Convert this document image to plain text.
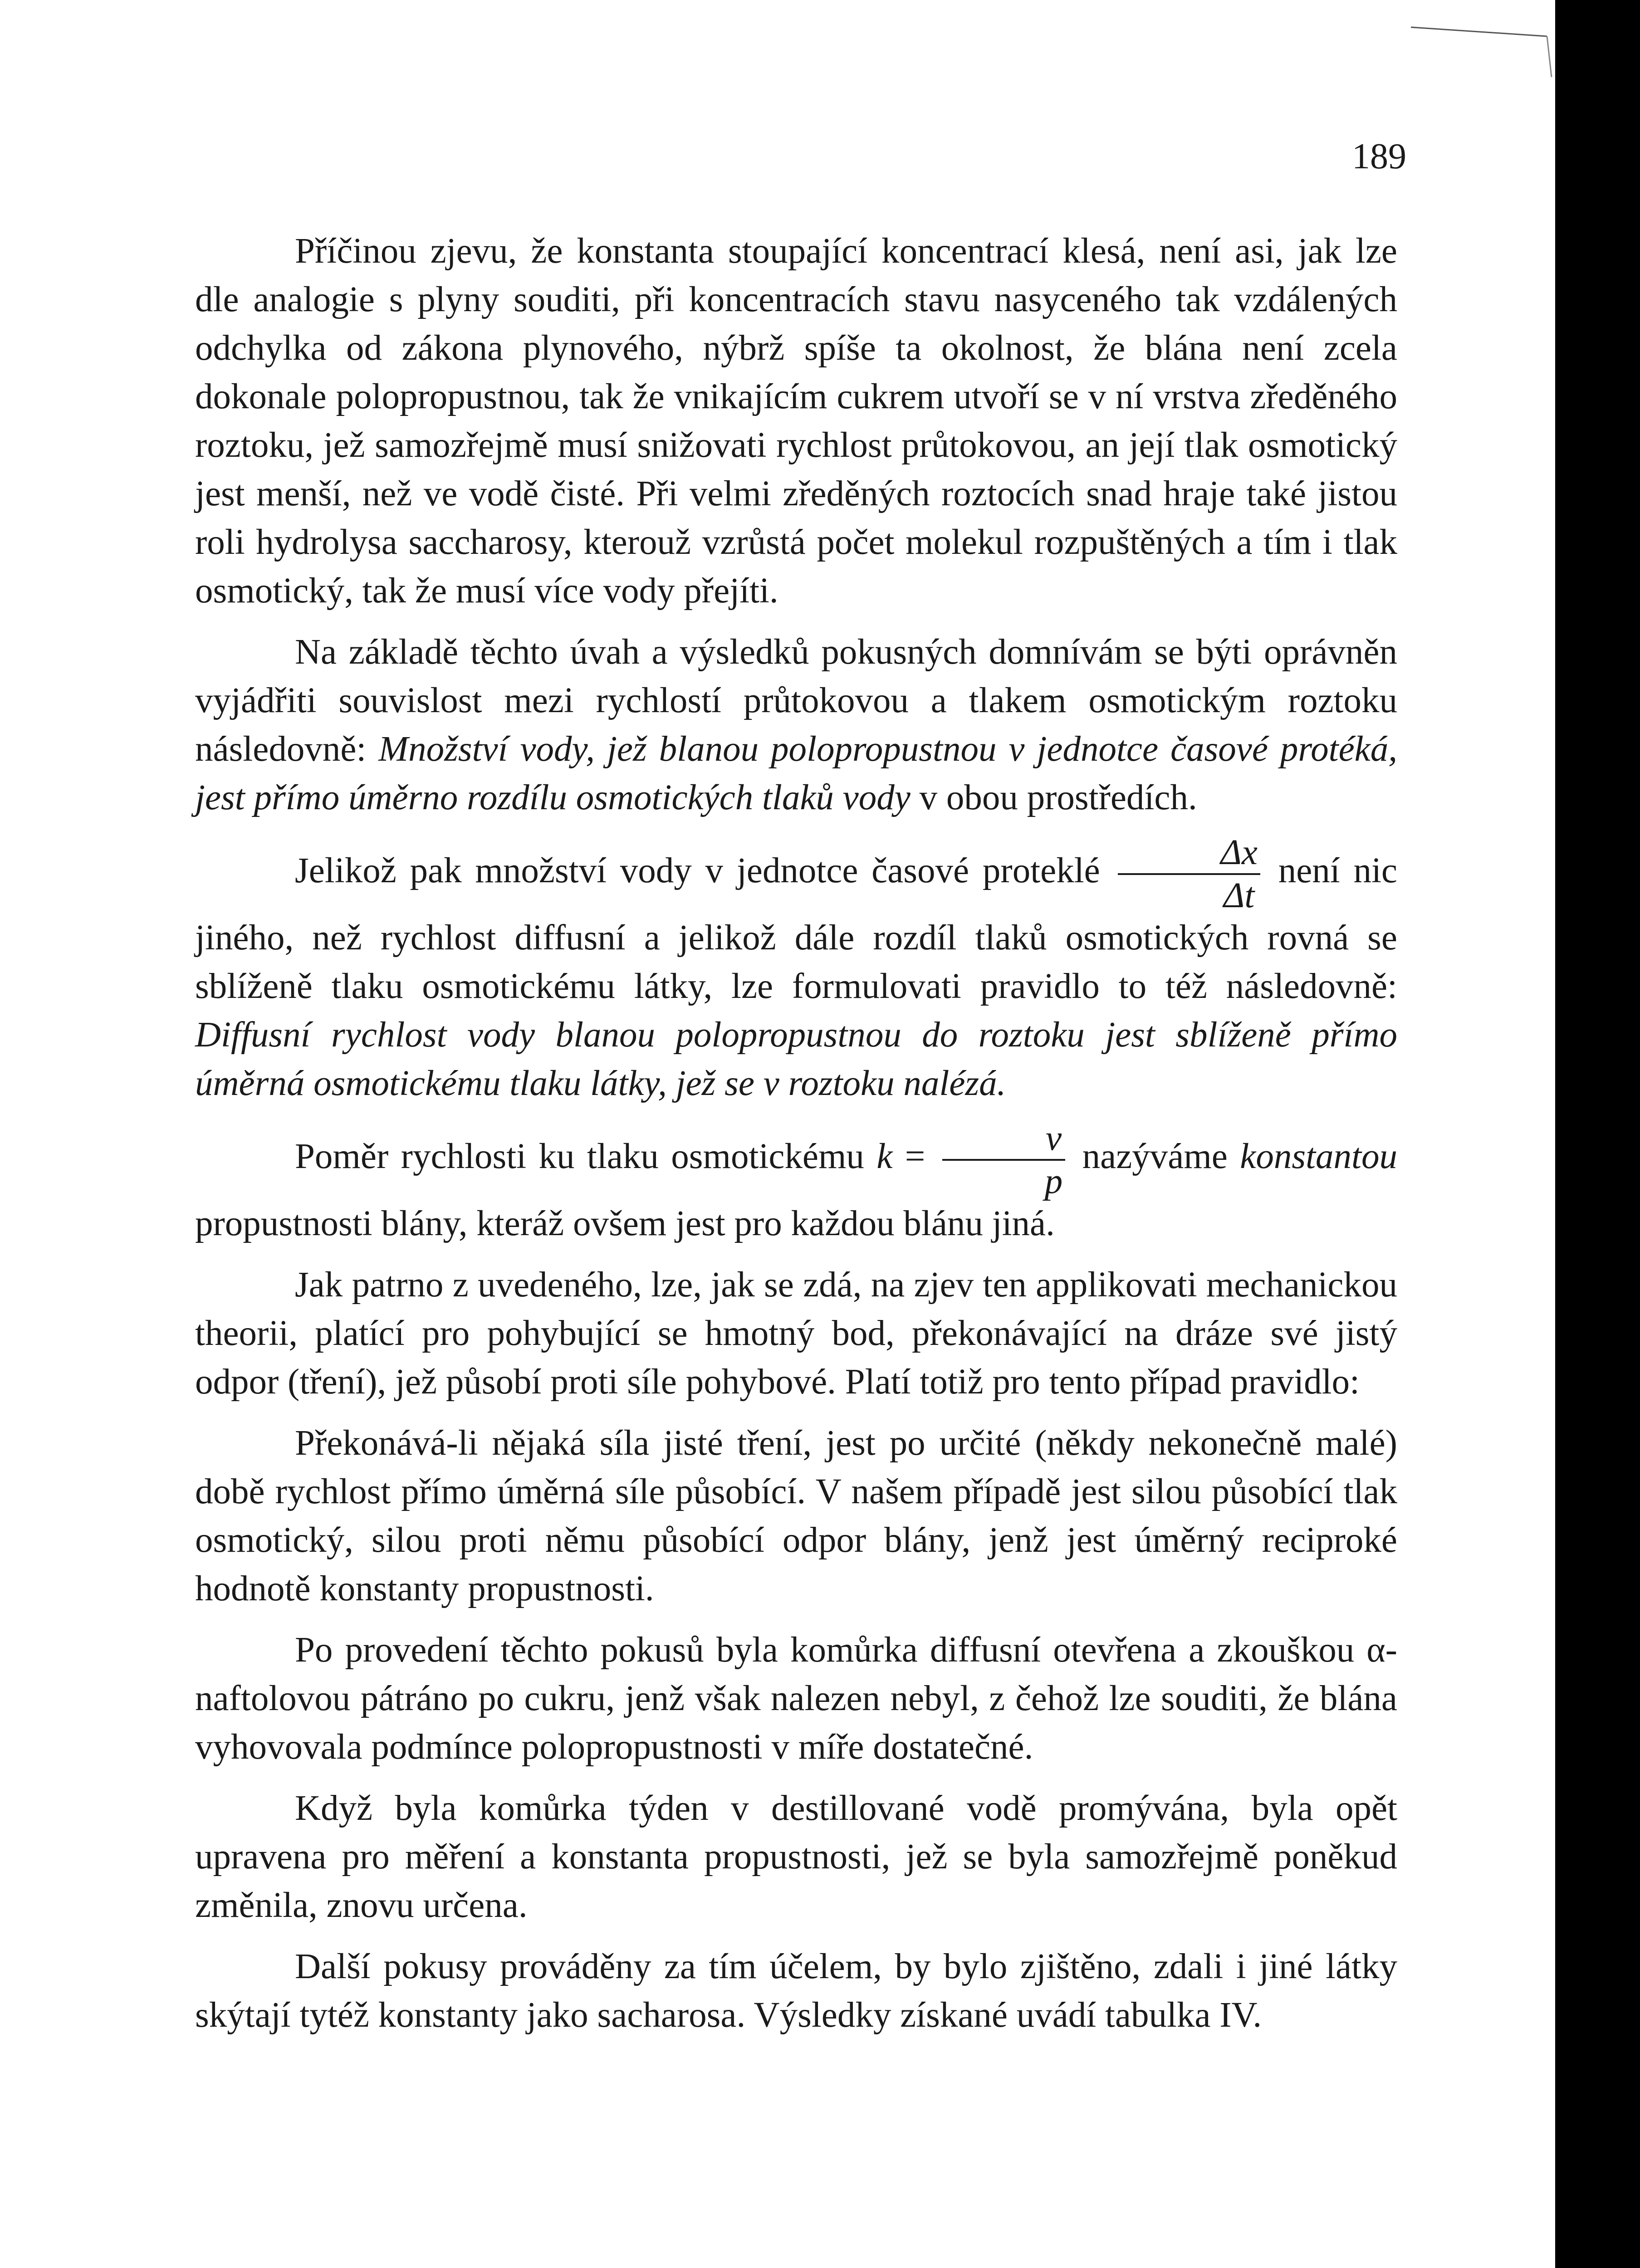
189

Příčinou zjevu, že konstanta stoupající koncentrací klesá, není asi, jak lze dle analogie s plyny souditi, při koncentracích stavu nasyceného tak vzdálených odchylka od zákona plynového, nýbrž spíše ta okolnost, že blána není zcela dokonale polopropustnou, tak že vnikajícím cukrem utvoří se v ní vrstva zředěného roztoku, jež samozřejmě musí snižovati rychlost průtokovou, an její tlak osmotický jest menší, než ve vodě čisté. Při velmi zředěných roztocích snad hraje také jistou roli hydrolysa saccharosy, kterouž vzrůstá počet molekul rozpuštěných a tím i tlak osmotický, tak že musí více vody přejíti.

Na základě těchto úvah a výsledků pokusných domnívám se býti oprávněn vyjádřiti souvislost mezi rychlostí průtokovou a tlakem osmotickým roztoku následovně: Množství vody, jež blanou polopropustnou v jednotce časové protéká, jest přímo úměrno rozdílu osmotických tlaků vody v obou prostředích.

Jelikož pak množství vody v jednotce časové proteklé $\frac{\Delta x}{\Delta t}$ není nic jiného, než rychlost diffusní a jelikož dále rozdíl tlaků osmotických rovná se sblíženě tlaku osmotickému látky, lze formulovati pravidlo to též následovně: Diffusní rychlost vody blanou polopropustnou do roztoku jest sblíženě přímo úměrná osmotickému tlaku látky, jež se v roztoku nalézá.

Poměr rychlosti ku tlaku osmotickému $k = \frac{v}{p}$ nazýváme konstantou propustnosti blány, kteráž ovšem jest pro každou blánu jiná.

Jak patrno z uvedeného, lze, jak se zdá, na zjev ten applikovati mechanickou theorii, platící pro pohybující se hmotný bod, překonávající na dráze své jistý odpor (tření), jež působí proti síle pohybové. Platí totiž pro tento případ pravidlo:

Překonává-li nějaká síla jisté tření, jest po určité (někdy nekonečně malé) době rychlost přímo úměrná síle působící. V našem případě jest silou působící tlak osmotický, silou proti němu působící odpor blány, jenž jest úměrný reciproké hodnotě konstanty propustnosti.

Po provedení těchto pokusů byla komůrka diffusní otevřena a zkouškou α-naftolovou pátráno po cukru, jenž však nalezen nebyl, z čehož lze souditi, že blána vyhovovala podmínce polopropustnosti v míře dostatečné.

Když byla komůrka týden v destillované vodě promývána, byla opět upravena pro měření a konstanta propustnosti, jež se byla samozřejmě poněkud změnila, znovu určena.

Další pokusy prováděny za tím účelem, by bylo zjištěno, zdali i jiné látky skýtají tytéž konstanty jako sacharosa. Výsledky získané uvádí tabulka IV.
